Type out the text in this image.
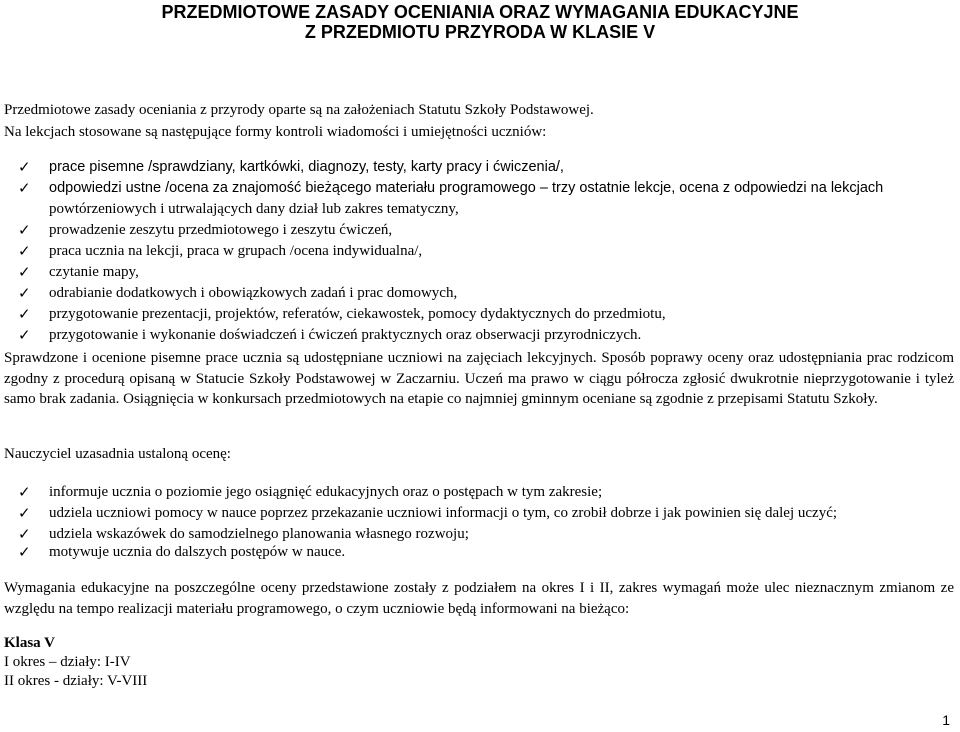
PRZEDMIOTOWE ZASADY OCENIANIA ORAZ WYMAGANIA EDUKACYJNE
Z PRZEDMIOTU PRZYRODA W KLASIE V
Przedmiotowe zasady oceniania z przyrody oparte są na założeniach Statutu Szkoły Podstawowej.
Na lekcjach stosowane są następujące formy kontroli wiadomości i umiejętności uczniów:
✓ prace pisemne /sprawdziany, kartkówki, diagnozy, testy, karty pracy i ćwiczenia/,
✓ odpowiedzi ustne /ocena za znajomość bieżącego materiału programowego – trzy ostatnie lekcje, ocena z odpowiedzi na lekcjach
powtórzeniowych i utrwalających dany dział lub zakres tematyczny,
✓ prowadzenie zeszytu przedmiotowego i zeszytu ćwiczeń,
✓ praca ucznia na lekcji, praca w grupach /ocena indywidualna/,
✓ czytanie mapy,
✓ odrabianie dodatkowych i obowiązkowych zadań i prac domowych,
✓ przygotowanie prezentacji, projektów, referatów, ciekawostek, pomocy dydaktycznych do przedmiotu,
✓ przygotowanie i wykonanie doświadczeń i ćwiczeń praktycznych oraz obserwacji przyrodniczych.
Sprawdzone i ocenione pisemne prace ucznia są udostępniane uczniowi na zajęciach lekcyjnych. Sposób poprawy oceny oraz udostępniania prac rodzicom zgodny z procedurą opisaną w Statucie Szkoły Podstawowej w Zaczarniu. Uczeń ma prawo w ciągu półrocza zgłosić dwukrotnie nieprzygotowanie i tyleż samo brak zadania. Osiągnięcia w konkursach przedmiotowych na etapie co najmniej gminnym oceniane są zgodnie z przepisami Statutu Szkoły.
Nauczyciel uzasadnia ustaloną ocenę:
✓ informuje ucznia o poziomie jego osiągnięć edukacyjnych oraz o postępach w tym zakresie;
✓ udziela uczniowi pomocy w nauce poprzez przekazanie uczniowi informacji o tym, co zrobił dobrze i jak powinien się dalej uczyć;
✓ udziela wskazówek do samodzielnego planowania własnego rozwoju;
✓ motywuje ucznia do dalszych postępów w nauce.
Wymagania edukacyjne na poszczególne oceny przedstawione zostały z podziałem na okres I i II, zakres wymagań może ulec nieznacznym zmianom ze względu na tempo realizacji materiału programowego, o czym uczniowie będą informowani na bieżąco:
Klasa V
I okres – działy: I-IV
II okres - działy: V-VIII
1
